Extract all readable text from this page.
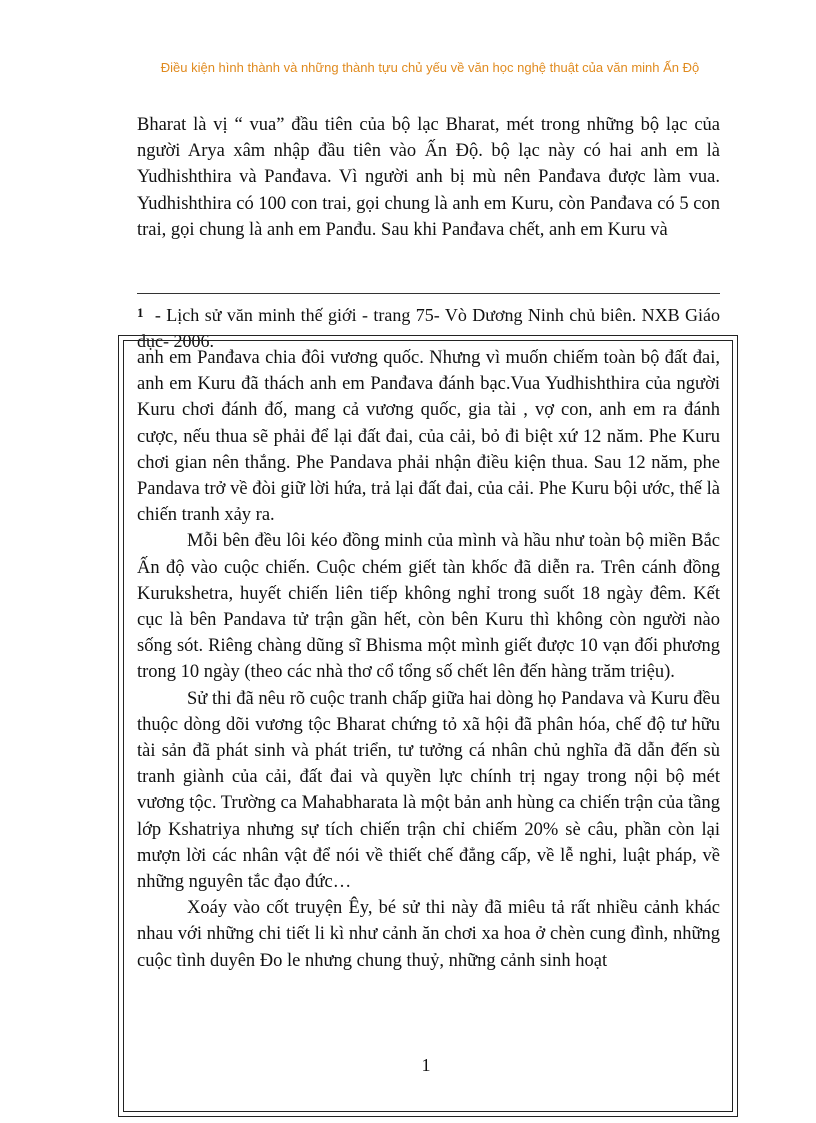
Điều kiện hình thành và những thành tựu chủ yếu về văn học nghệ thuật của văn minh Ấn Độ

Bharat là vị “ vua” đầu tiên của bộ lạc Bharat, mét trong những bộ lạc của người Arya xâm nhập đầu tiên vào Ấn Độ. bộ lạc này có hai anh em là Yudhishthira và Panđava. Vì người anh bị mù nên Panđava được làm vua. Yudhishthira có 100 con trai, gọi chung là anh em Kuru, còn Panđava có 5 con trai, gọi chung là anh em Panđu. Sau khi Panđava chết, anh em Kuru và

$^1$ - Lịch sử văn minh thế giới - trang 75- Vò Dương Ninh chủ biên. NXB Giáo dục- 2006.

anh em Panđava chia đôi vương quốc. Nhưng vì muốn chiếm toàn bộ đất đai, anh em Kuru đã thách anh em Panđava đánh bạc.Vua Yudhishthira của người Kuru chơi đánh đố, mang cả vương quốc, gia tài , vợ con, anh em ra đánh cược, nếu thua sẽ phải để lại đất đai, của cải, bỏ đi biệt xứ 12 năm. Phe Kuru chơi gian nên thắng. Phe Pandava phải nhận điều kiện thua. Sau 12 năm, phe Pandava trở về đòi giữ lời hứa, trả lại đất đai, của cải. Phe Kuru bội ước, thế là chiến tranh xảy ra.

Mỗi bên đều lôi kéo đồng minh của mình và hầu như toàn bộ miền Bắc Ấn độ vào cuộc chiến. Cuộc chém giết tàn khốc đã diễn ra. Trên cánh đồng Kurukshetra, huyết chiến liên tiếp không nghỉ trong suốt 18 ngày đêm. Kết cục là bên Pandava tử trận gần hết, còn bên Kuru thì không còn người nào sống sót. Riêng chàng dũng sĩ Bhisma một mình giết được 10 vạn đối phương trong 10 ngày (theo các nhà thơ cổ tổng số chết lên đến hàng trăm triệu).

Sử thi đã nêu rõ cuộc tranh chấp giữa hai dòng họ Pandava và Kuru đều thuộc dòng dõi vương tộc Bharat chứng tỏ xã hội đã phân hóa, chế độ tư hữu tài sản đã phát sinh và phát triển, tư tưởng cá nhân chủ nghĩa đã dẫn đến sù tranh giành của cải, đất đai và quyền lực chính trị ngay trong nội bộ mét vương tộc. Trường ca Mahabharata là một bản anh hùng ca chiến trận của tầng lớp Kshatriya nhưng sự tích chiến trận chỉ chiếm 20% sè câu, phần còn lại mượn lời các nhân vật để nói về thiết chế đẳng cấp, về lễ nghi, luật pháp, về những nguyên tắc đạo đức…

Xoáy vào cốt truyện Êy, bé sử thi này đã miêu tả rất nhiều cảnh khác nhau với những chi tiết li kì như cảnh ăn chơi xa hoa ở chèn cung đình, những cuộc tình duyên Đo le nhưng chung thuỷ, những cảnh sinh hoạt

1
